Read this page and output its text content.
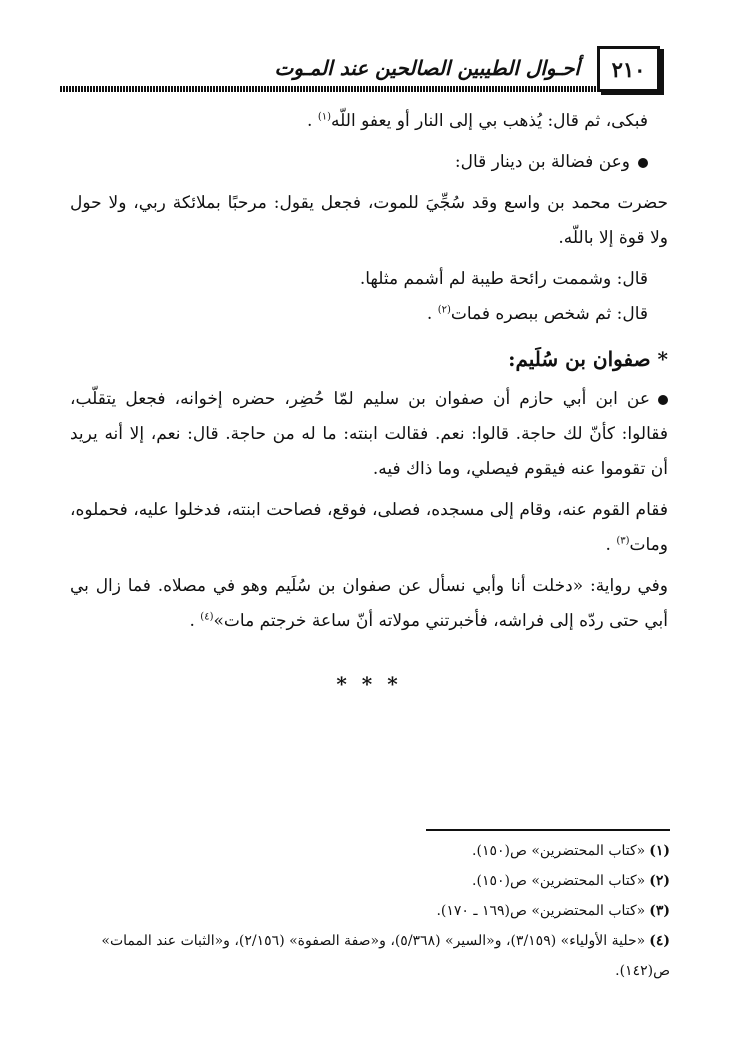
٢١٠
أحـوال الطيبين الصالحين عند المـوت

فبكى، ثم قال: يُذهب بي إلى النار أو يعفو اللّه$^{(١)}$ .

وعن فضالة بن دينار قال:

حضرت محمد بن واسع وقد سُجِّيَ للموت، فجعل يقول: مرحبًا بملائكة ربي، ولا حول ولا قوة إلا باللّه.

قال: وشممت رائحة طيبة لم أشمم مثلها.

قال: ثم شخص ببصره فمات$^{(٢)}$ .

* صفوان بن سُلَيم:

عن ابن أبي حازم أن صفوان بن سليم لمّا حُضِر، حضره إخوانه، فجعل يتقلّب، فقالوا: كأنّ لك حاجة. قالوا: نعم. فقالت ابنته: ما له من حاجة. قال: نعم، إلا أنه يريد أن تقوموا عنه فيقوم فيصلي، وما ذاك فيه.

فقام القوم عنه، وقام إلى مسجده، فصلى، فوقع، فصاحت ابنته، فدخلوا عليه، فحملوه، ومات$^{(٣)}$ .

وفي رواية: «دخلت أنا وأبي نسأل عن صفوان بن سُلَيم وهو في مصلاه. فما زال بي أبي حتى ردّه إلى فراشه، فأخبرتني مولاته أنّ ساعة خرجتم مات»$^{(٤)}$ .

* * *

(١)«كتاب المحتضرين» ص(١٥٠).

(٢)«كتاب المحتضرين» ص(١٥٠).

(٣)«كتاب المحتضرين» ص(١٦٩ ـ ١٧٠).

(٤)«حلية الأولياء» (٣/١٥٩)، و«السير» (٥/٣٦٨)، و«صفة الصفوة» (٢/١٥٦)، و«الثبات عند الممات» ص(١٤٢).
